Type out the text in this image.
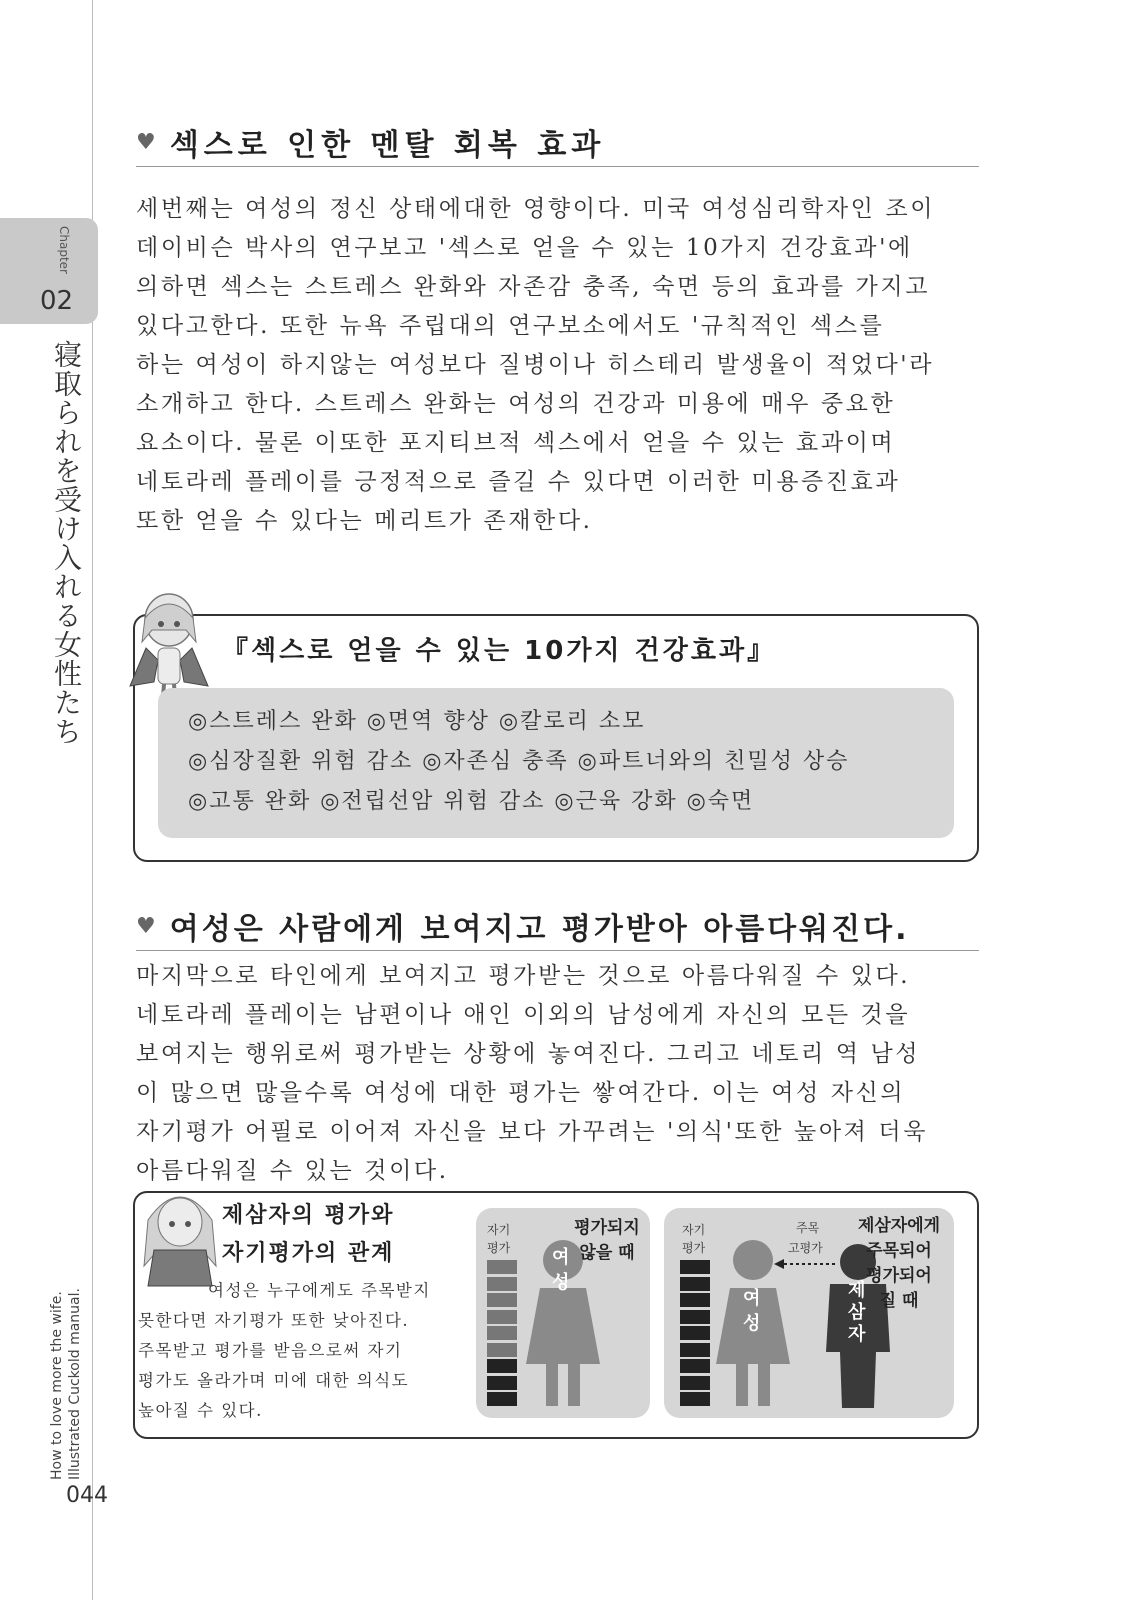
Chapter
02
寝取られを受け入れる女性たち
How to love more the wife. Illustrated Cuckold manual.
044
♥ 섹스로 인한 멘탈 회복 효과
세번째는 여성의 정신 상태에대한 영향이다. 미국 여성심리학자인 조이
데이비슨 박사의 연구보고 '섹스로 얻을 수 있는 10가지 건강효과'에
의하면 섹스는 스트레스 완화와 자존감 충족, 숙면 등의 효과를 가지고
있다고한다. 또한 뉴욕 주립대의 연구보소에서도 '규칙적인 섹스를
하는 여성이 하지않는 여성보다 질병이나 히스테리 발생율이 적었다'라
소개하고 한다. 스트레스 완화는 여성의 건강과 미용에 매우 중요한
요소이다. 물론 이또한 포지티브적 섹스에서 얻을 수 있는 효과이며
네토라레 플레이를 긍정적으로 즐길 수 있다면 이러한 미용증진효과
또한 얻을 수 있다는 메리트가 존재한다.
『섹스로 얻을 수 있는 10가지 건강효과』
◎스트레스 완화 ◎면역 향상 ◎칼로리 소모
◎심장질환 위험 감소 ◎자존심 충족 ◎파트너와의 친밀성 상승
◎고통 완화 ◎전립선암 위험 감소 ◎근육 강화 ◎숙면
♥ 여성은 사람에게 보여지고 평가받아 아름다워진다.
마지막으로 타인에게 보여지고 평가받는 것으로 아름다워질 수 있다.
네토라레 플레이는 남편이나 애인 이외의 남성에게 자신의 모든 것을
보여지는 행위로써 평가받는 상황에 놓여진다. 그리고 네토리 역 남성
이 많으면 많을수록 여성에 대한 평가는 쌓여간다. 이는 여성 자신의
자기평가 어필로 이어져 자신을 보다 가꾸려는 '의식'또한 높아져 더욱
아름다워질 수 있는 것이다.
제삼자의 평가와
자기평가의 관계
여성은 누구에게도 주목받지
못한다면 자기평가 또한 낮아진다.
주목받고 평가를 받음으로써 자기
평가도 올라가며 미에 대한 의식도
높아질 수 있다.
자기
평가 여
성
평가되지
않을 때
자기
평가
여
성
제
삼
자
주목
고평가
제삼자에게
주목되어
평가되어
질 때
